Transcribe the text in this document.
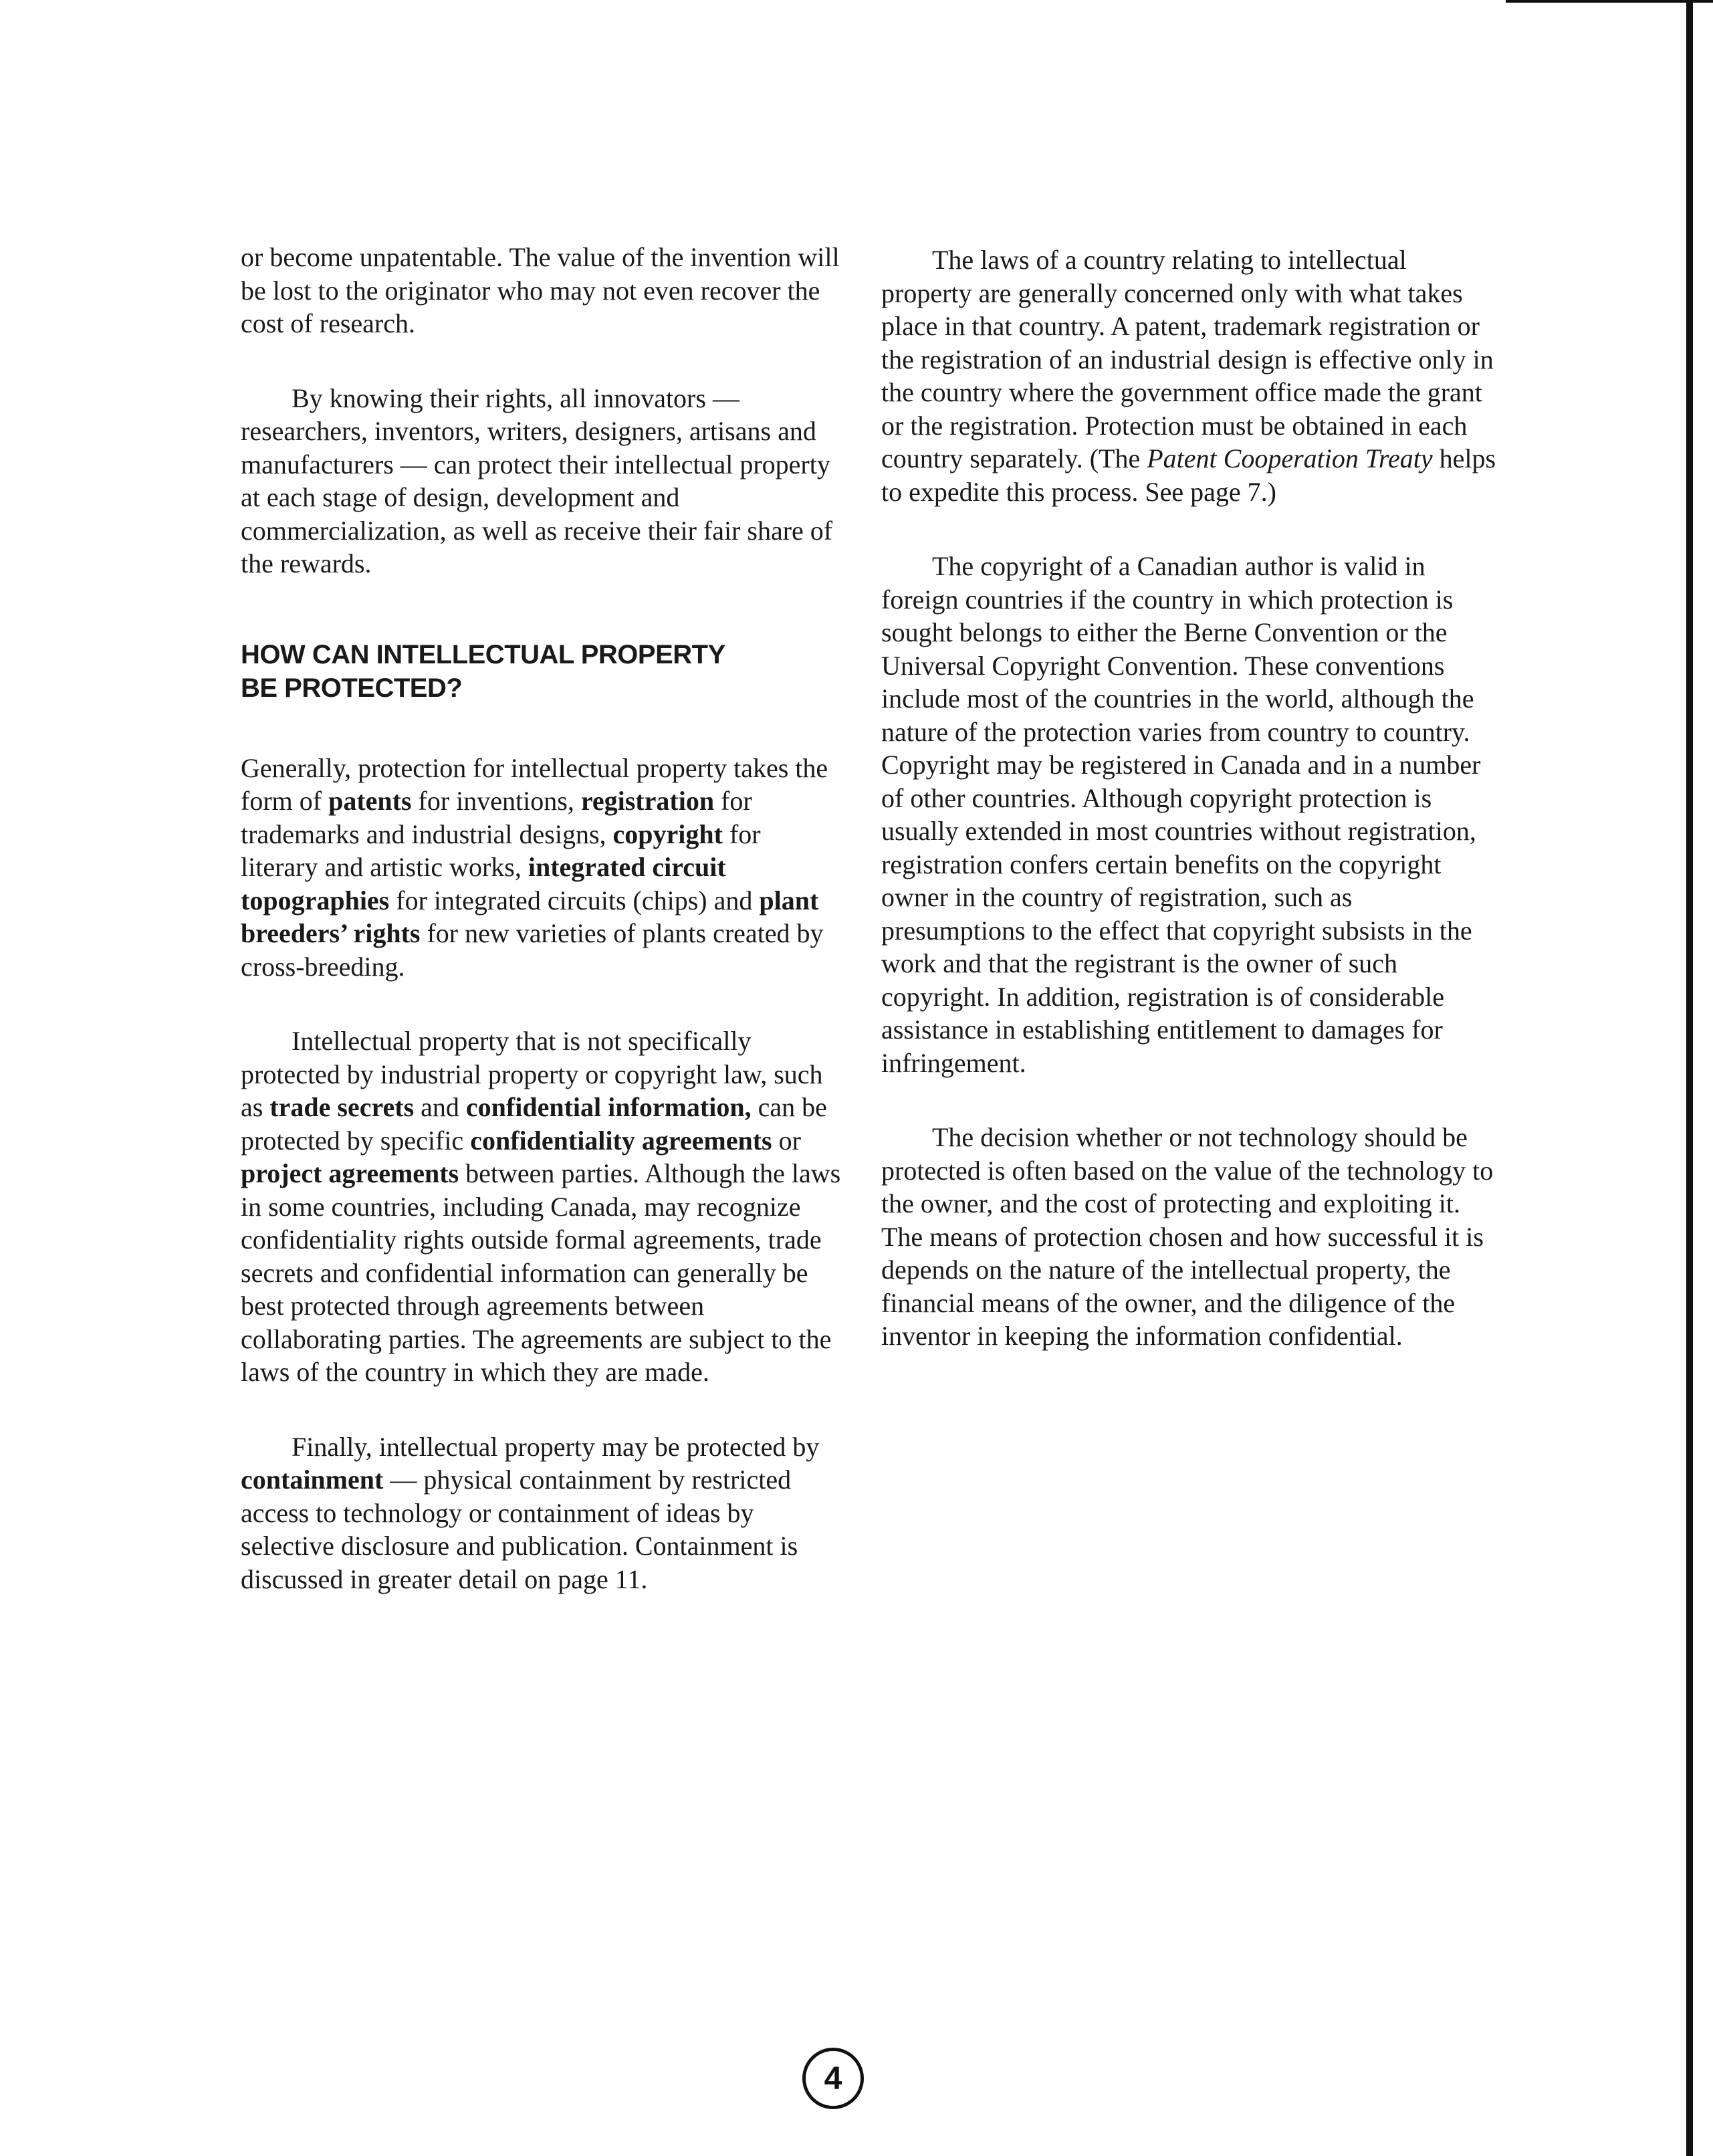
or become unpatentable. The value of the invention will be lost to the originator who may not even recover the cost of research.

By knowing their rights, all innovators — researchers, inventors, writers, designers, artisans and manufacturers — can protect their intellectual property at each stage of design, development and commercialization, as well as receive their fair share of the rewards.

HOW CAN INTELLECTUAL PROPERTY
BE PROTECTED?

Generally, protection for intellectual property takes the form of patents for inventions, registration for trademarks and industrial designs, copyright for literary and artistic works, integrated circuit topographies for integrated circuits (chips) and plant breeders’ rights for new varieties of plants created by cross-breeding.

Intellectual property that is not specifically protected by industrial property or copyright law, such as trade secrets and confidential information, can be protected by specific confidentiality agreements or project agreements between parties. Although the laws in some countries, including Canada, may recognize confidentiality rights outside formal agreements, trade secrets and confidential information can generally be best protected through agreements between collaborating parties. The agreements are subject to the laws of the country in which they are made.

Finally, intellectual property may be protected by containment — physical containment by restricted access to technology or containment of ideas by selective disclosure and publication. Containment is discussed in greater detail on page 11.

The laws of a country relating to intellectual property are generally concerned only with what takes place in that country. A patent, trademark registration or the registration of an industrial design is effective only in the country where the government office made the grant or the registration. Protection must be obtained in each country separately. (The Patent Cooperation Treaty helps to expedite this process. See page 7.)

The copyright of a Canadian author is valid in foreign countries if the country in which protection is sought belongs to either the Berne Convention or the Universal Copyright Convention. These conventions include most of the countries in the world, although the nature of the protection varies from country to country. Copyright may be registered in Canada and in a number of other countries. Although copyright protection is usually extended in most countries without registration, registration confers certain benefits on the copyright owner in the country of registration, such as presumptions to the effect that copyright subsists in the work and that the registrant is the owner of such copyright. In addition, registration is of considerable assistance in establishing entitlement to damages for infringement.

The decision whether or not technology should be protected is often based on the value of the technology to the owner, and the cost of protecting and exploiting it. The means of protection chosen and how successful it is depends on the nature of the intellectual property, the financial means of the owner, and the diligence of the inventor in keeping the information confidential.

4
